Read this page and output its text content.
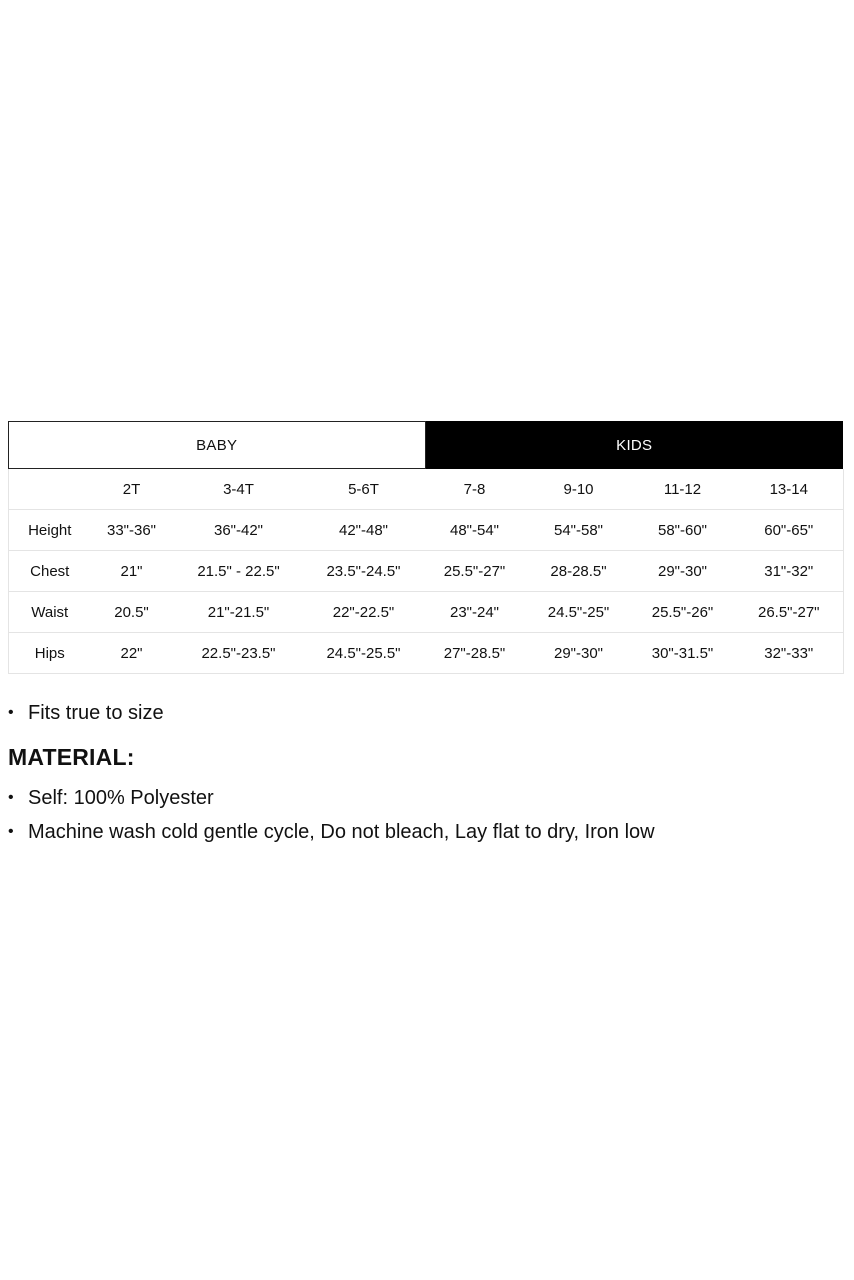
BABY	KIDS
	2T	3-4T	5-6T	7-8	9-10	11-12	13-14
Height	33"-36"	36"-42"	42"-48"	48"-54"	54"-58"	58"-60"	60"-65"
Chest	21"	21.5" - 22.5"	23.5"-24.5"	25.5"-27"	28-28.5"	29"-30"	31"-32"
Waist	20.5"	21"-21.5"	22"-22.5"	23"-24"	24.5"-25"	25.5"-26"	26.5"-27"
Hips	22"	22.5"-23.5"	24.5"-25.5"	27"-28.5"	29"-30"	30"-31.5"	32"-33"
• Fits true to size
MATERIAL:
• Self: 100% Polyester
• Machine wash cold gentle cycle, Do not bleach, Lay flat to dry, Iron low
